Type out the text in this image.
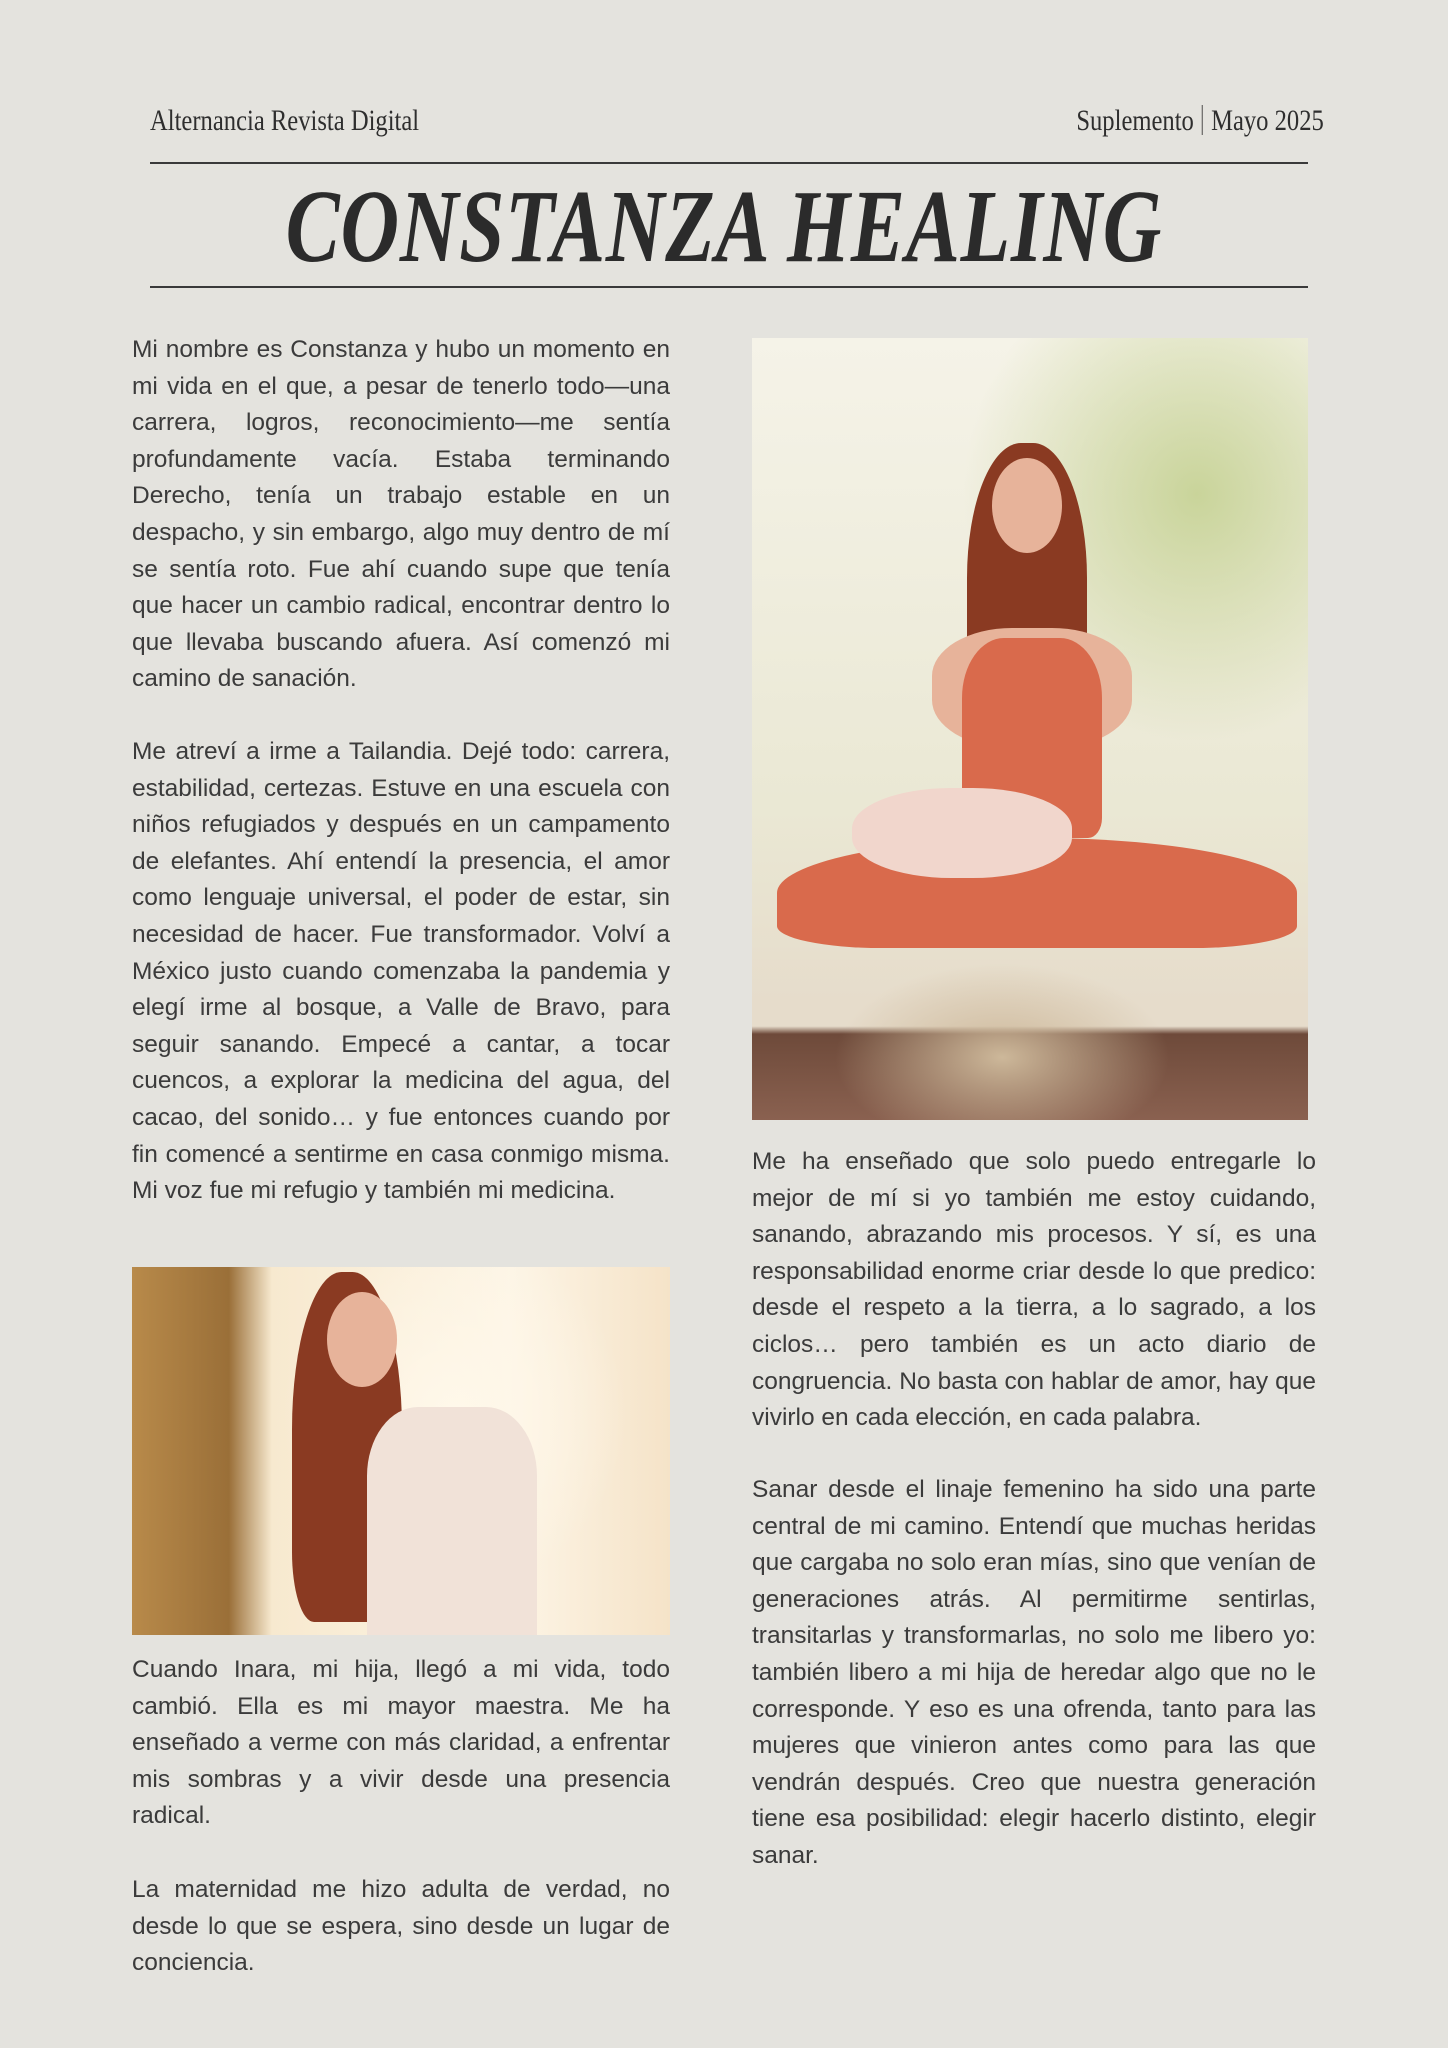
Alternancia Revista Digital	Suplemento Mayo 2025
CONSTANZA HEALING

Mi nombre es Constanza y hubo un momento en mi vida en el que, a pesar de tenerlo todo—una carrera, logros, reconocimiento—me sentía profundamente vacía. Estaba terminando Derecho, tenía un trabajo estable en un despacho, y sin embargo, algo muy dentro de mí se sentía roto. Fue ahí cuando supe que tenía que hacer un cambio radical, encontrar dentro lo que llevaba buscando afuera. Así comenzó mi camino de sanación.

Me atreví a irme a Tailandia. Dejé todo: carrera, estabilidad, certezas. Estuve en una escuela con niños refugiados y después en un campamento de elefantes. Ahí entendí la presencia, el amor como lenguaje universal, el poder de estar, sin necesidad de hacer. Fue transformador. Volví a México justo cuando comenzaba la pandemia y elegí irme al bosque, a Valle de Bravo, para seguir sanando. Empecé a cantar, a tocar cuencos, a explorar la medicina del agua, del cacao, del sonido… y fue entonces cuando por fin comencé a sentirme en casa conmigo misma. Mi voz fue mi refugio y también mi medicina.

Cuando Inara, mi hija, llegó a mi vida, todo cambió. Ella es mi mayor maestra. Me ha enseñado a verme con más claridad, a enfrentar mis sombras y a vivir desde una presencia radical.

La maternidad me hizo adulta de verdad, no desde lo que se espera, sino desde un lugar de conciencia.

Me ha enseñado que solo puedo entregarle lo mejor de mí si yo también me estoy cuidando, sanando, abrazando mis procesos. Y sí, es una responsabilidad enorme criar desde lo que predico: desde el respeto a la tierra, a lo sagrado, a los ciclos… pero también es un acto diario de congruencia. No basta con hablar de amor, hay que vivirlo en cada elección, en cada palabra.

Sanar desde el linaje femenino ha sido una parte central de mi camino. Entendí que muchas heridas que cargaba no solo eran mías, sino que venían de generaciones atrás. Al permitirme sentirlas, transitarlas y transformarlas, no solo me libero yo: también libero a mi hija de heredar algo que no le corresponde. Y eso es una ofrenda, tanto para las mujeres que vinieron antes como para las que vendrán después. Creo que nuestra generación tiene esa posibilidad: elegir hacerlo distinto, elegir sanar.
